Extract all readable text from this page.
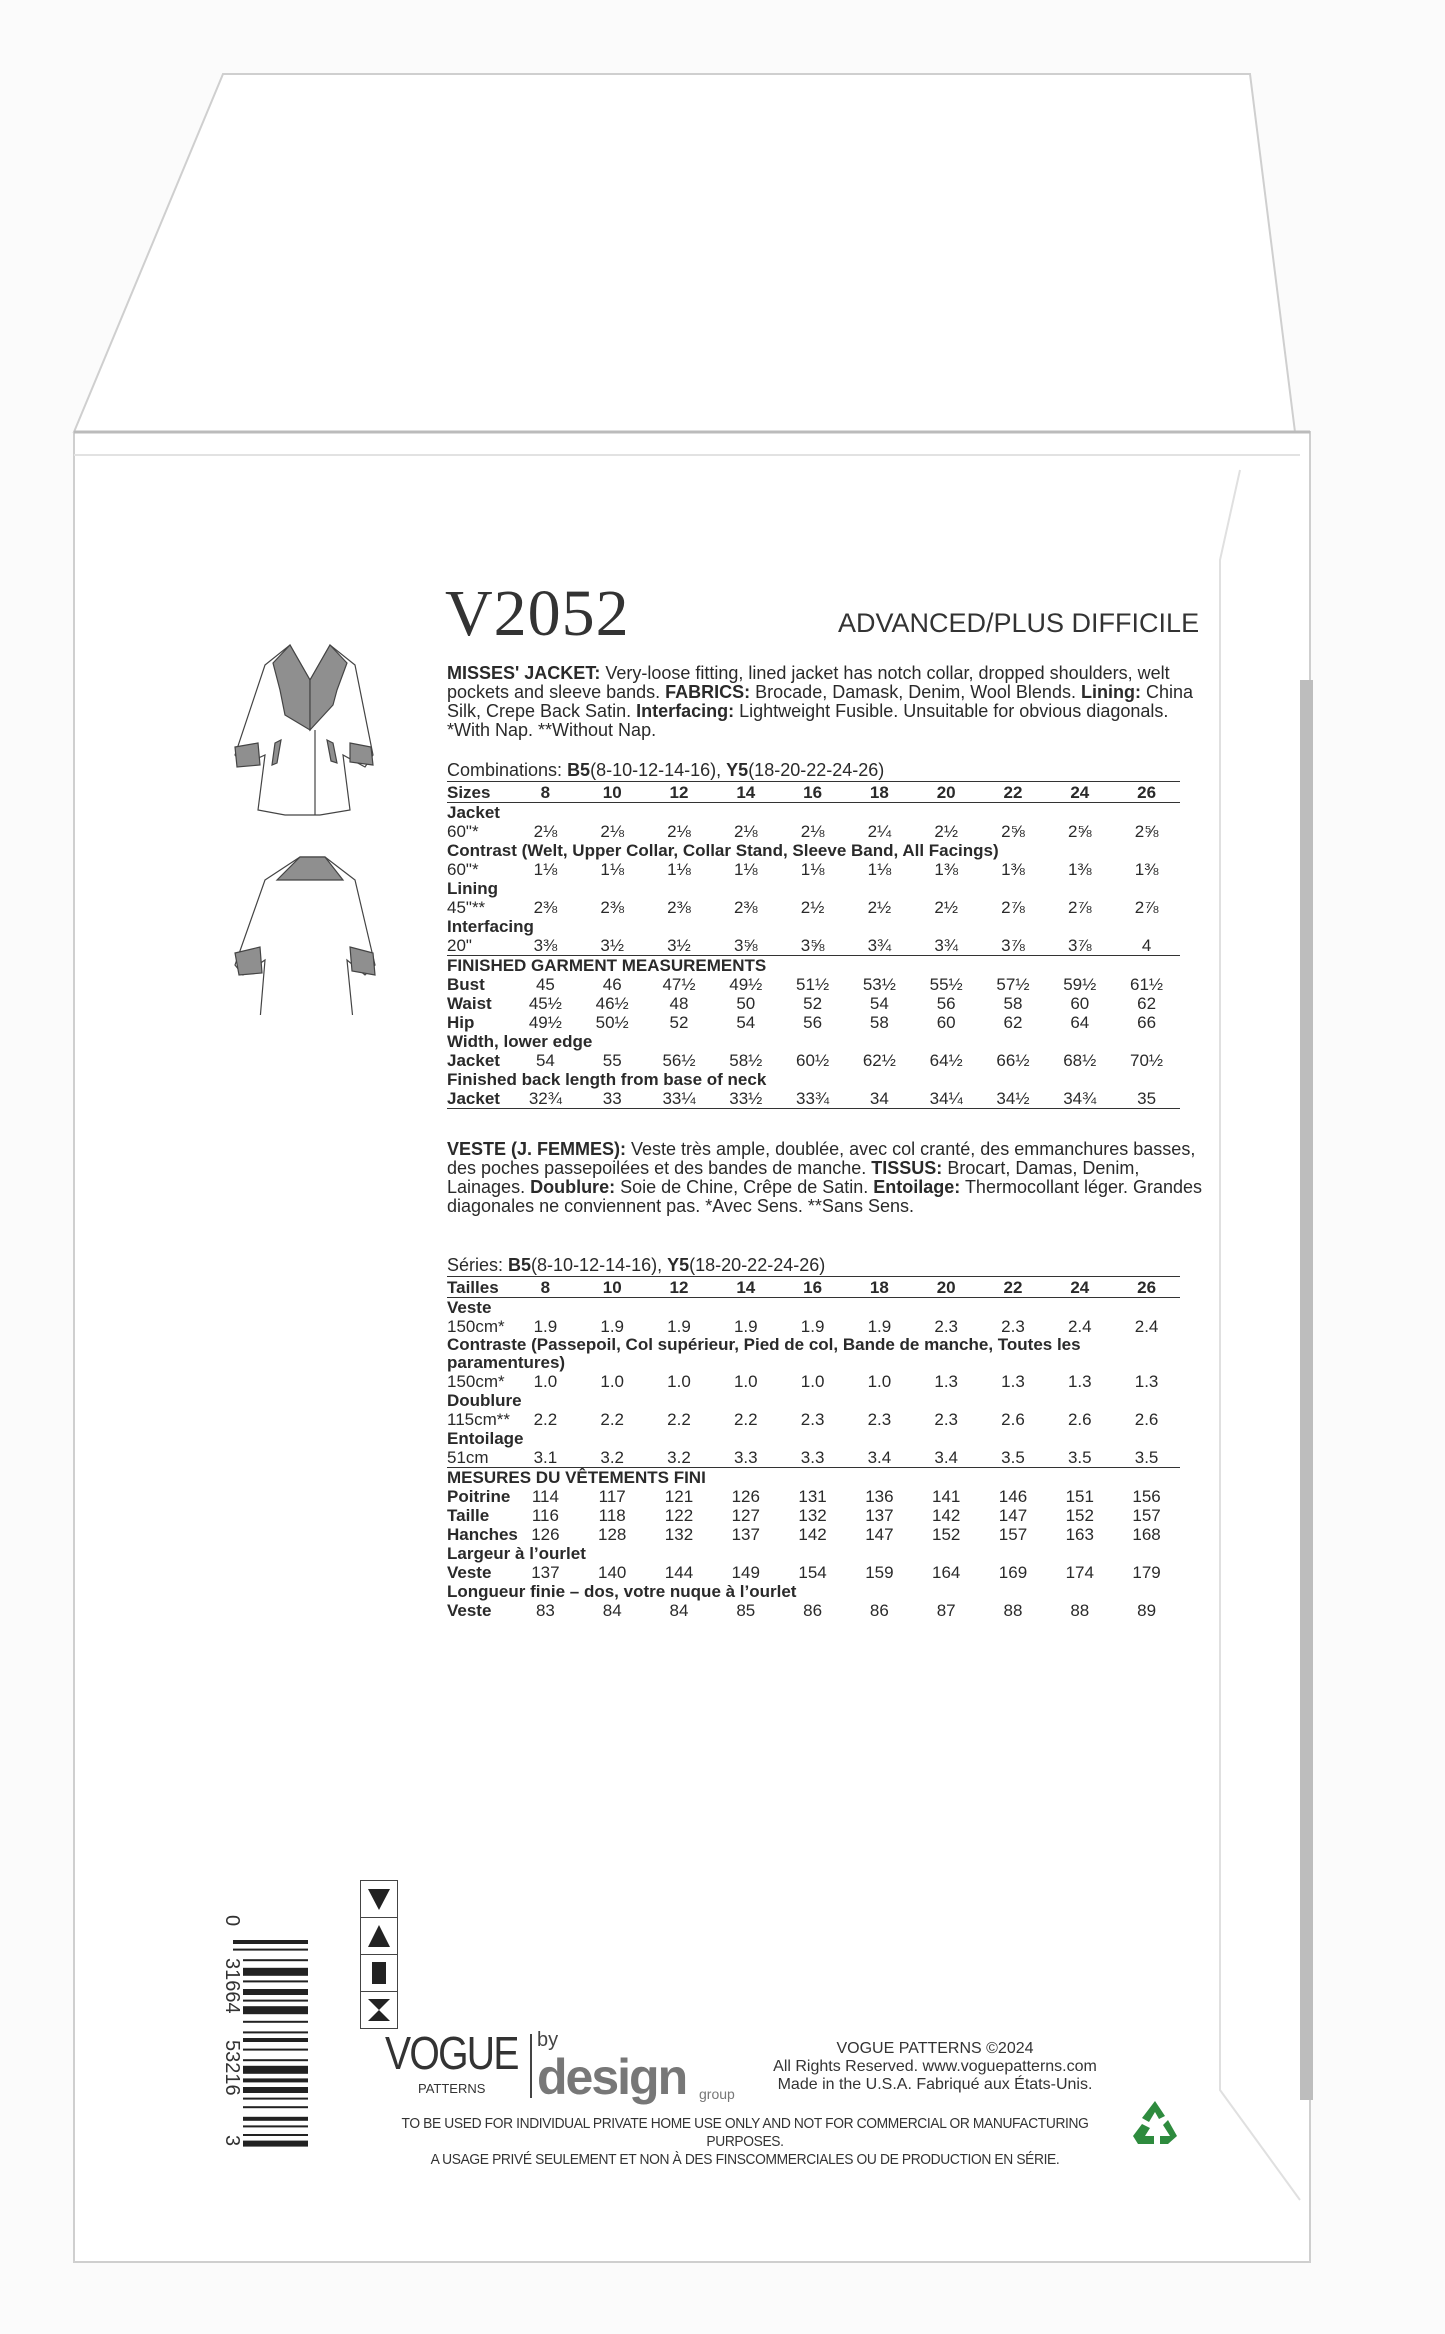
V2052	ADVANCED/PLUS DIFFICILE
MISSES' JACKET: Very-loose fitting, lined jacket has notch collar, dropped shoulders, welt pockets and sleeve bands. FABRICS: Brocade, Damask, Denim, Wool Blends. Lining: China Silk, Crepe Back Satin. Interfacing: Lightweight Fusible. Unsuitable for obvious diagonals. *With Nap. **Without Nap.
Combinations: B5(8-10-12-14-16), Y5(18-20-22-24-26)
Sizes	8	10	12	14	16	18	20	22	24	26
Jacket
60"*	2⅛	2⅛	2⅛	2⅛	2⅛	2¼	2½	2⅝	2⅝	2⅝
Contrast (Welt, Upper Collar, Collar Stand, Sleeve Band, All Facings)
60"*	1⅛	1⅛	1⅛	1⅛	1⅛	1⅛	1⅜	1⅜	1⅜	1⅜
Lining
45"**	2⅜	2⅜	2⅜	2⅜	2½	2½	2½	2⅞	2⅞	2⅞
Interfacing
20"	3⅜	3½	3½	3⅝	3⅝	3¾	3¾	3⅞	3⅞	4
FINISHED GARMENT MEASUREMENTS
Bust	45	46	47½	49½	51½	53½	55½	57½	59½	61½
Waist	45½	46½	48	50	52	54	56	58	60	62
Hip	49½	50½	52	54	56	58	60	62	64	66
Width, lower edge
Jacket	54	55	56½	58½	60½	62½	64½	66½	68½	70½
Finished back length from base of neck
Jacket	32¾	33	33¼	33½	33¾	34	34¼	34½	34¾	35
VESTE (J. FEMMES): Veste très ample, doublée, avec col cranté, des emmanchures basses, des poches passepoilées et des bandes de manche. TISSUS: Brocart, Damas, Denim, Lainages. Doublure: Soie de Chine, Crêpe de Satin. Entoilage: Thermocollant léger. Grandes diagonales ne conviennent pas. *Avec Sens. **Sans Sens.
Séries: B5(8-10-12-14-16), Y5(18-20-22-24-26)
Tailles	8	10	12	14	16	18	20	22	24	26
Veste
150cm*	1.9	1.9	1.9	1.9	1.9	1.9	2.3	2.3	2.4	2.4
Contraste (Passepoil, Col supérieur, Pied de col, Bande de manche, Toutes les paramentures)
150cm*	1.0	1.0	1.0	1.0	1.0	1.0	1.3	1.3	1.3	1.3
Doublure
115cm**	2.2	2.2	2.2	2.2	2.3	2.3	2.3	2.6	2.6	2.6
Entoilage
51cm	3.1	3.2	3.2	3.3	3.3	3.4	3.4	3.5	3.5	3.5
MESURES DU VÊTEMENTS FINI
Poitrine	114	117	121	126	131	136	141	146	151	156
Taille	116	118	122	127	132	137	142	147	152	157
Hanches 126	128	132	137	142	147	152	157	163	168
Largeur à l’ourlet
Veste	137	140	144	149	154	159	164	169	174	179
Longueur finie – dos, votre nuque à l’ourlet
Veste	83	84	84	85	86	86	87	88	88	89
0
31664
53216
3
VOGUE
PATTERNS
by
design group
VOGUE PATTERNS ©2024
All Rights Reserved. www.voguepatterns.com
Made in the U.S.A. Fabriqué aux États-Unis.
TO BE USED FOR INDIVIDUAL PRIVATE HOME USE ONLY AND NOT FOR COMMERCIAL OR MANUFACTURING PURPOSES.
A USAGE PRIVÉ SEULEMENT ET NON À DES FINSCOMMERCIALES OU DE PRODUCTION EN SÉRIE.
